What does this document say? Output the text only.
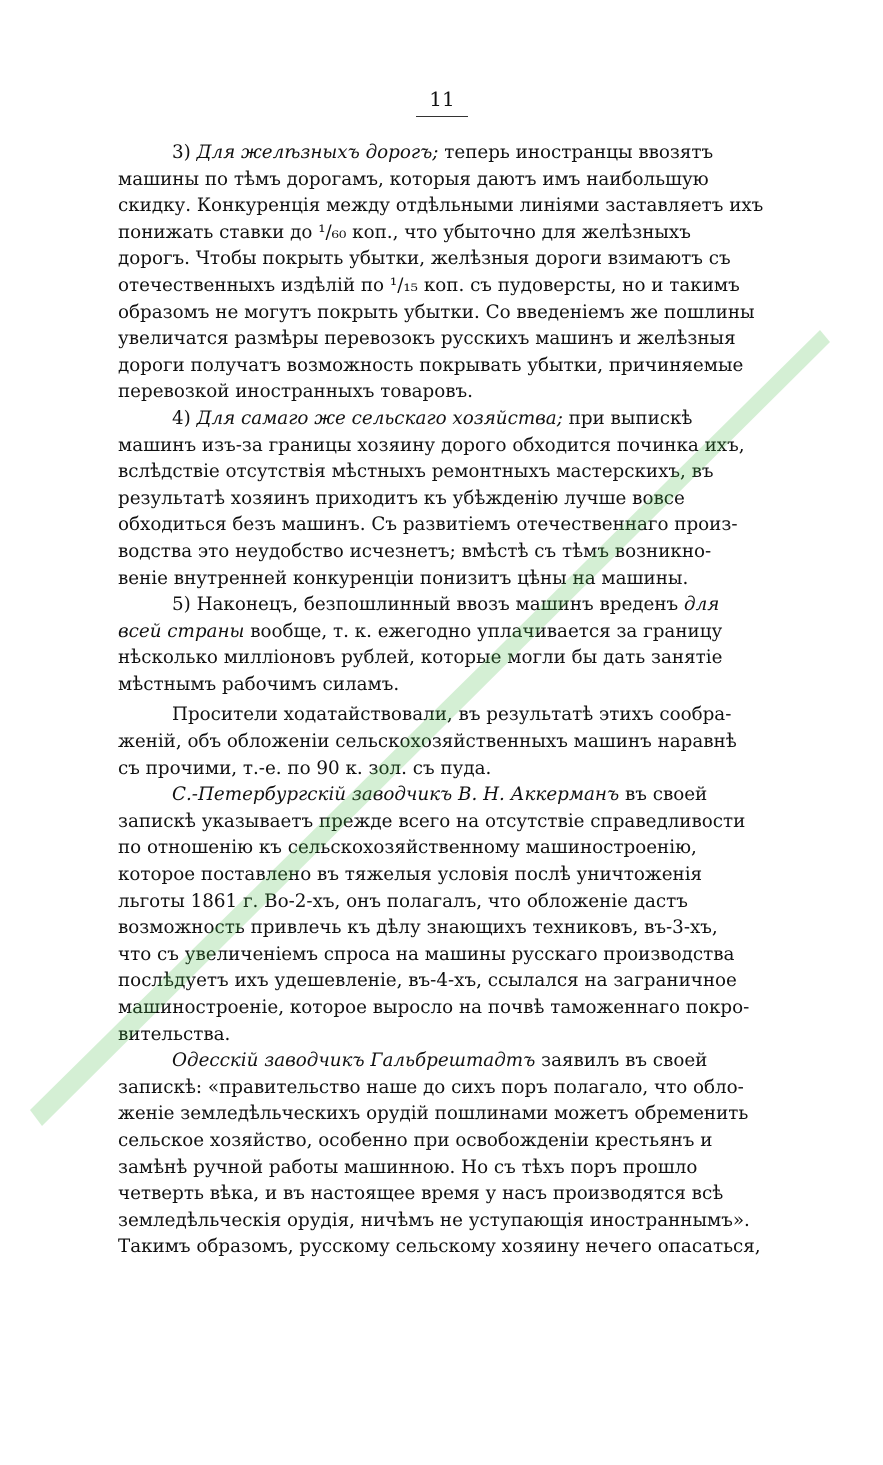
11
3) Для желѣзныхъ дорогъ; теперь иностранцы ввозятъ
машины по тѣмъ дорогамъ, которыя даютъ имъ наибольшую
скидку. Конкуренція между отдѣльными линіями заставляетъ ихъ
понижать ставки до ¹/₆₀ коп., что убыточно для желѣзныхъ
дорогъ. Чтобы покрыть убытки, желѣзныя дороги взимаютъ съ
отечественныхъ издѣлій по ¹/₁₅ коп. съ пудоверсты, но и такимъ
образомъ не могутъ покрыть убытки. Со введеніемъ же пошлины
увеличатся размѣры перевозокъ русскихъ машинъ и желѣзныя
дороги получатъ возможность покрывать убытки, причиняемые
перевозкой иностранныхъ товаровъ.
4) Для самаго же сельскаго хозяйства; при выпискѣ
машинъ изъ-за границы хозяину дорого обходится починка ихъ,
вслѣдствіе отсутствія мѣстныхъ ремонтныхъ мастерскихъ, въ
результатѣ хозяинъ приходитъ къ убѣжденію лучше вовсе
обходиться безъ машинъ. Съ развитіемъ отечественнаго произ-
водства это неудобство исчезнетъ; вмѣстѣ съ тѣмъ возникно-
веніе внутренней конкуренціи понизитъ цѣны на машины.
5) Наконецъ, безпошлинный ввозъ машинъ вреденъ для
всей страны вообще, т. к. ежегодно уплачивается за границу
нѣсколько милліоновъ рублей, которые могли бы дать занятіе
мѣстнымъ рабочимъ силамъ.
Просители ходатайствовали, въ результатѣ этихъ сообра-
женій, объ обложеніи сельскохозяйственныхъ машинъ наравнѣ
съ прочими, т.-е. по 90 к. зол. съ пуда.
С.-Петербургскій заводчикъ В. Н. Аккерманъ въ своей
запискѣ указываетъ прежде всего на отсутствіе справедливости
по отношенію къ сельскохозяйственному машиностроенію,
которое поставлено въ тяжелыя условія послѣ уничтоженія
льготы 1861 г. Во-2-хъ, онъ полагалъ, что обложеніе дастъ
возможность привлечь къ дѣлу знающихъ техниковъ, въ-3-хъ,
что съ увеличеніемъ спроса на машины русскаго производства
послѣдуетъ ихъ удешевленіе, въ-4-хъ, ссылался на заграничное
машиностроеніе, которое выросло на почвѣ таможеннаго покро-
вительства.
Одесскій заводчикъ Гальбрештадтъ заявилъ въ своей
запискѣ: «правительство наше до сихъ поръ полагало, что обло-
женіе земледѣльческихъ орудій пошлинами можетъ обременить
сельское хозяйство, особенно при освобожденіи крестьянъ и
замѣнѣ ручной работы машинною. Но съ тѣхъ поръ прошло
четверть вѣка, и въ настоящее время у насъ производятся всѣ
земледѣльческія орудія, ничѣмъ не уступающія иностраннымъ».
Такимъ образомъ, русскому сельскому хозяину нечего опасаться,
